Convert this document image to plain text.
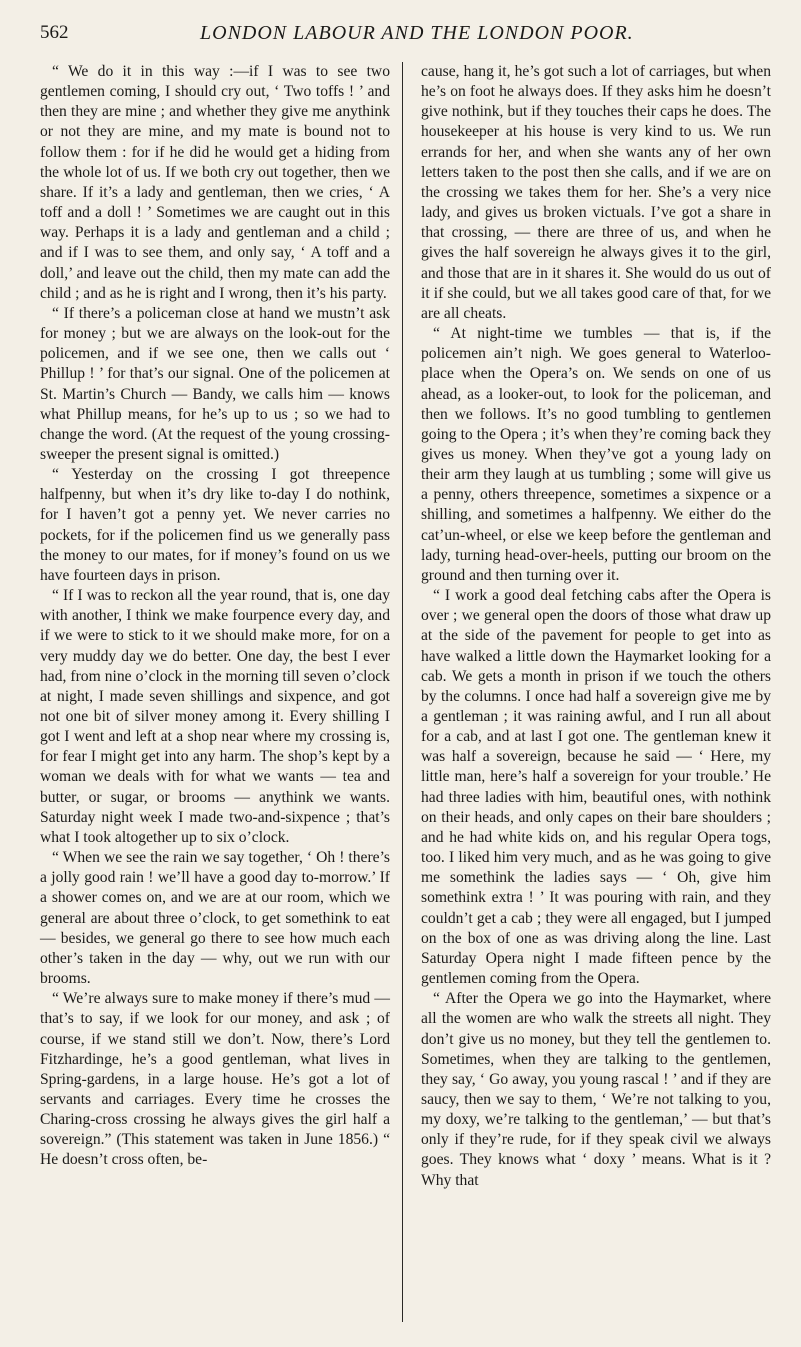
562	LONDON LABOUR AND THE LONDON POOR.

“ We do it in this way :—if I was to see two gentlemen coming, I should cry out, ‘ Two toffs ! ’ and then they are mine ; and whether they give me anythink or not they are mine, and my mate is bound not to follow them : for if he did he would get a hiding from the whole lot of us. If we both cry out together, then we share. If it’s a lady and gentleman, then we cries, ‘ A toff and a doll ! ’ Sometimes we are caught out in this way. Perhaps it is a lady and gentleman and a child ; and if I was to see them, and only say, ‘ A toff and a doll,’ and leave out the child, then my mate can add the child ; and as he is right and I wrong, then it’s his party.

“ If there’s a policeman close at hand we mustn’t ask for money ; but we are always on the look-out for the policemen, and if we see one, then we calls out ‘ Phillup ! ’ for that’s our signal. One of the policemen at St. Martin’s Church — Bandy, we calls him — knows what Phillup means, for he’s up to us ; so we had to change the word. (At the request of the young crossing-sweeper the present signal is omitted.)

“ Yesterday on the crossing I got threepence halfpenny, but when it’s dry like to-day I do nothink, for I haven’t got a penny yet. We never carries no pockets, for if the policemen find us we generally pass the money to our mates, for if money’s found on us we have fourteen days in prison.

“ If I was to reckon all the year round, that is, one day with another, I think we make fourpence every day, and if we were to stick to it we should make more, for on a very muddy day we do better. One day, the best I ever had, from nine o’clock in the morning till seven o’clock at night, I made seven shillings and sixpence, and got not one bit of silver money among it. Every shilling I got I went and left at a shop near where my crossing is, for fear I might get into any harm. The shop’s kept by a woman we deals with for what we wants — tea and butter, or sugar, or brooms — anythink we wants. Saturday night week I made two-and-sixpence ; that’s what I took altogether up to six o’clock.

“ When we see the rain we say together, ‘ Oh ! there’s a jolly good rain ! we’ll have a good day to-morrow.’ If a shower comes on, and we are at our room, which we general are about three o’clock, to get somethink to eat — besides, we general go there to see how much each other’s taken in the day — why, out we run with our brooms.

“ We’re always sure to make money if there’s mud — that’s to say, if we look for our money, and ask ; of course, if we stand still we don’t. Now, there’s Lord Fitzhardinge, he’s a good gentleman, what lives in Spring-gardens, in a large house. He’s got a lot of servants and carriages. Every time he crosses the Charing-cross crossing he always gives the girl half a sovereign.” (This statement was taken in June 1856.) “ He doesn’t cross often, be-

cause, hang it, he’s got such a lot of carriages, but when he’s on foot he always does. If they asks him he doesn’t give nothink, but if they touches their caps he does. The housekeeper at his house is very kind to us. We run errands for her, and when she wants any of her own letters taken to the post then she calls, and if we are on the crossing we takes them for her. She’s a very nice lady, and gives us broken victuals. I’ve got a share in that crossing, — there are three of us, and when he gives the half sovereign he always gives it to the girl, and those that are in it shares it. She would do us out of it if she could, but we all takes good care of that, for we are all cheats.

“ At night-time we tumbles — that is, if the policemen ain’t nigh. We goes general to Waterloo-place when the Opera’s on. We sends on one of us ahead, as a looker-out, to look for the policeman, and then we follows. It’s no good tumbling to gentlemen going to the Opera ; it’s when they’re coming back they gives us money. When they’ve got a young lady on their arm they laugh at us tumbling ; some will give us a penny, others threepence, sometimes a sixpence or a shilling, and sometimes a halfpenny. We either do the cat’un-wheel, or else we keep before the gentleman and lady, turning head-over-heels, putting our broom on the ground and then turning over it.

“ I work a good deal fetching cabs after the Opera is over ; we general open the doors of those what draw up at the side of the pavement for people to get into as have walked a little down the Haymarket looking for a cab. We gets a month in prison if we touch the others by the columns. I once had half a sovereign give me by a gentleman ; it was raining awful, and I run all about for a cab, and at last I got one. The gentleman knew it was half a sovereign, because he said — ‘ Here, my little man, here’s half a sovereign for your trouble.’ He had three ladies with him, beautiful ones, with nothink on their heads, and only capes on their bare shoulders ; and he had white kids on, and his regular Opera togs, too. I liked him very much, and as he was going to give me somethink the ladies says — ‘ Oh, give him somethink extra ! ’ It was pouring with rain, and they couldn’t get a cab ; they were all engaged, but I jumped on the box of one as was driving along the line. Last Saturday Opera night I made fifteen pence by the gentlemen coming from the Opera.

“ After the Opera we go into the Haymarket, where all the women are who walk the streets all night. They don’t give us no money, but they tell the gentlemen to. Sometimes, when they are talking to the gentlemen, they say, ‘ Go away, you young rascal ! ’ and if they are saucy, then we say to them, ‘ We’re not talking to you, my doxy, we’re talking to the gentleman,’ — but that’s only if they’re rude, for if they speak civil we always goes. They knows what ‘ doxy ’ means. What is it ? Why that
